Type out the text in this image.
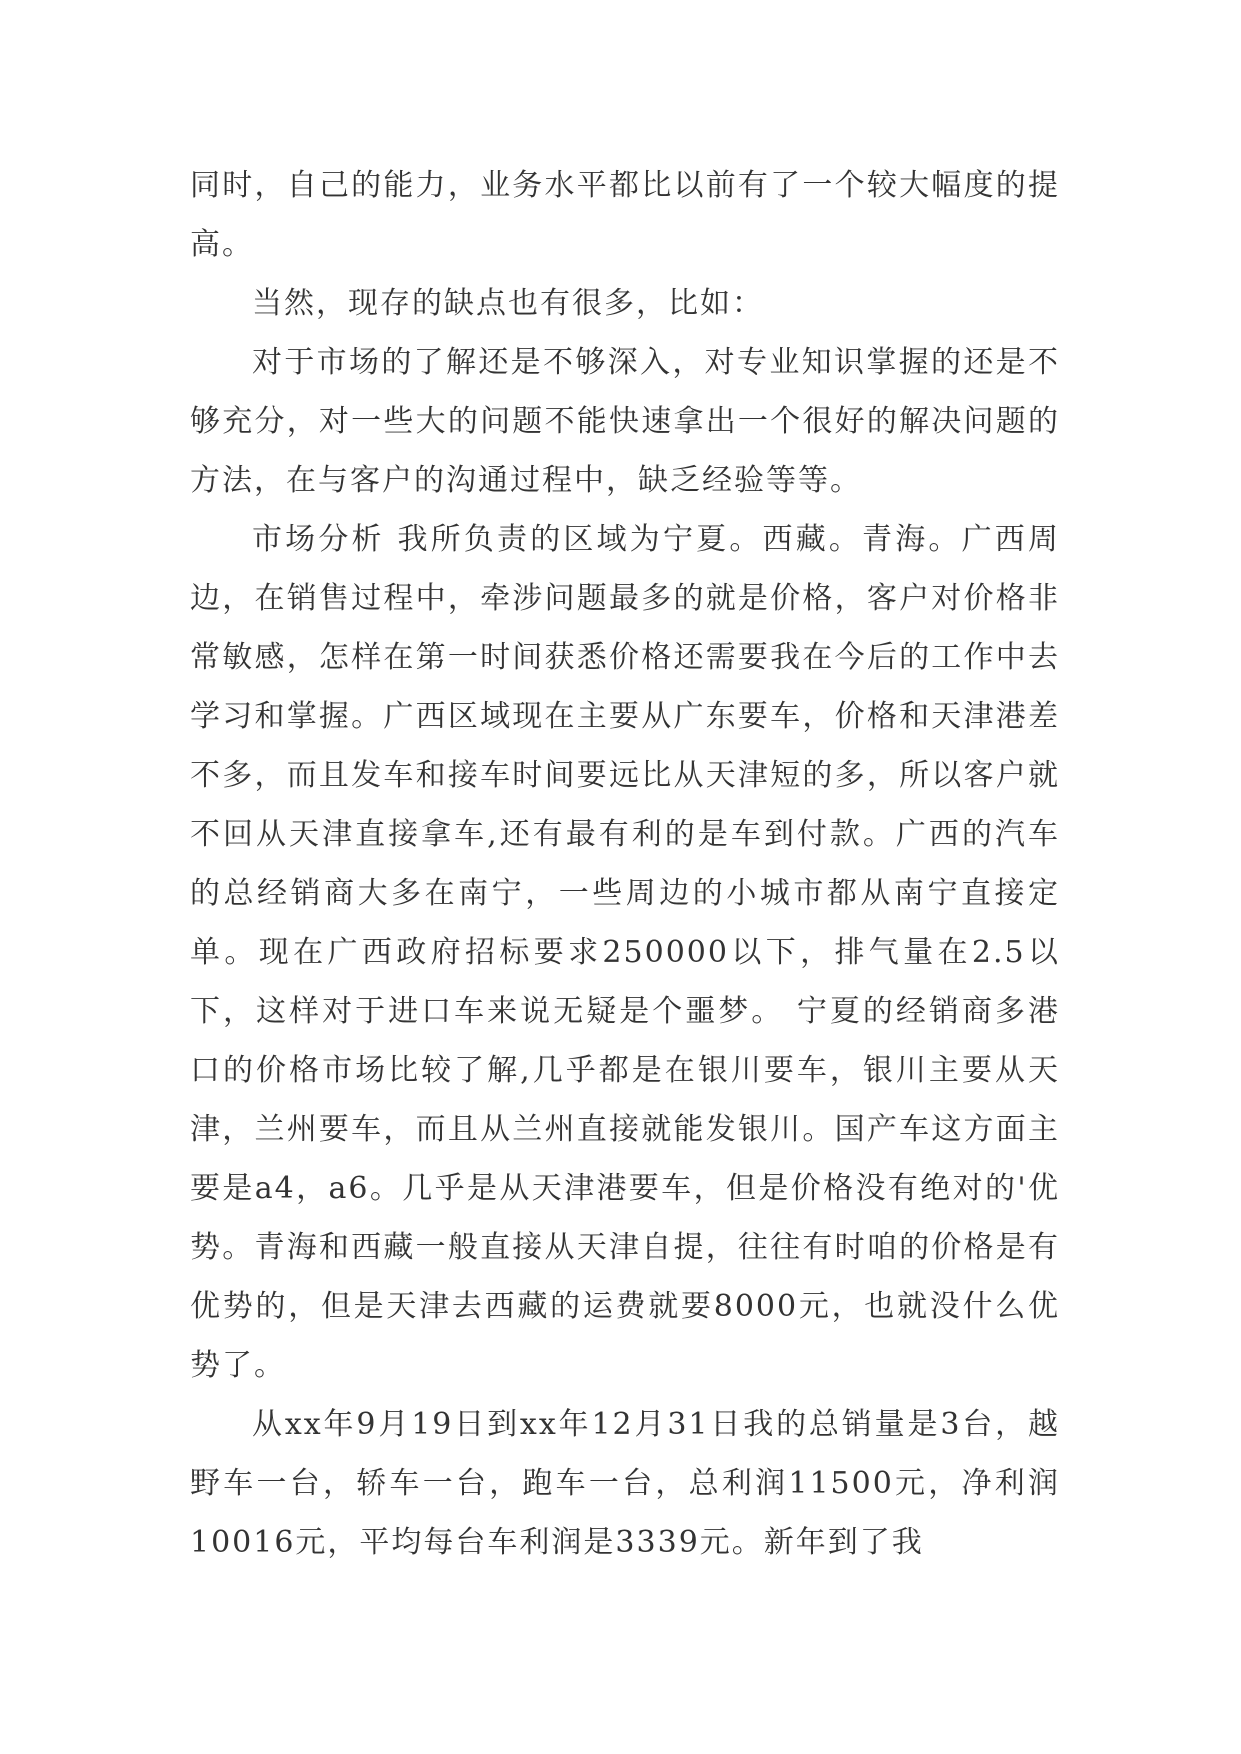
同时，自己的能力，业务水平都比以前有了一个较大幅度的提高。

当然，现存的缺点也有很多，比如：

对于市场的了解还是不够深入，对专业知识掌握的还是不够充分，对一些大的问题不能快速拿出一个很好的解决问题的方法，在与客户的沟通过程中，缺乏经验等等。

市场分析 我所负责的区域为宁夏。西藏。青海。广西周边，在销售过程中，牵涉问题最多的就是价格，客户对价格非常敏感，怎样在第一时间获悉价格还需要我在今后的工作中去学习和掌握。广西区域现在主要从广东要车，价格和天津港差不多，而且发车和接车时间要远比从天津短的多，所以客户就不回从天津直接拿车,还有最有利的是车到付款。广西的汽车的总经销商大多在南宁，一些周边的小城市都从南宁直接定单。现在广西政府招标要求250000以下，排气量在2.5以下，这样对于进口车来说无疑是个噩梦。 宁夏的经销商多港口的价格市场比较了解,几乎都是在银川要车，银川主要从天津，兰州要车，而且从兰州直接就能发银川。国产车这方面主要是a4，a6。几乎是从天津港要车，但是价格没有绝对的'优势。青海和西藏一般直接从天津自提，往往有时咱的价格是有优势的，但是天津去西藏的运费就要8000元，也就没什么优势了。

从xx年9月19日到xx年12月31日我的总销量是3台，越野车一台，轿车一台，跑车一台，总利润11500元，净利润10016元，平均每台车利润是3339元。新年到了我
